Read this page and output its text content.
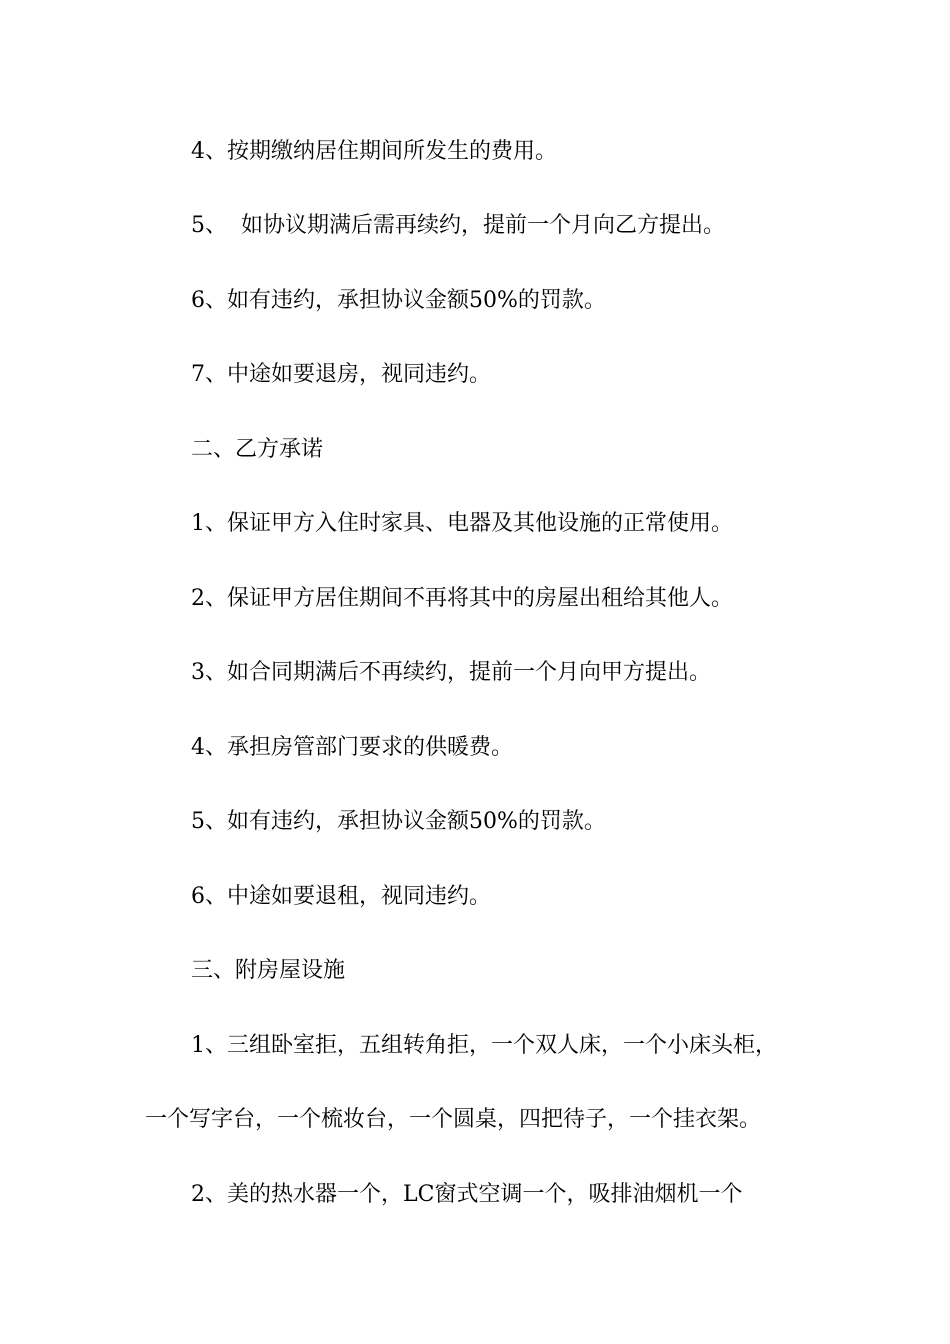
4、按期缴纳居住期间所发生的费用。

5、  如协议期满后需再续约，提前一个月向乙方提出。

6、如有违约，承担协议金额50%的罚款。

7、中途如要退房，视同违约。

二、乙方承诺

1、保证甲方入住时家具、电器及其他设施的正常使用。

2、保证甲方居住期间不再将其中的房屋出租给其他人。

3、如合同期满后不再续约，提前一个月向甲方提出。

4、承担房管部门要求的供暖费。

5、如有违约，承担协议金额50%的罚款。

6、中途如要退租，视同违约。

三、附房屋设施

1、三组卧室拒，五组转角拒，一个双人床，一个小床头柜，

一个写字台，一个梳妆台，一个圆桌，四把待子，一个挂衣架。

2、美的热水器一个，LC窗式空调一个，吸排油烟机一个
